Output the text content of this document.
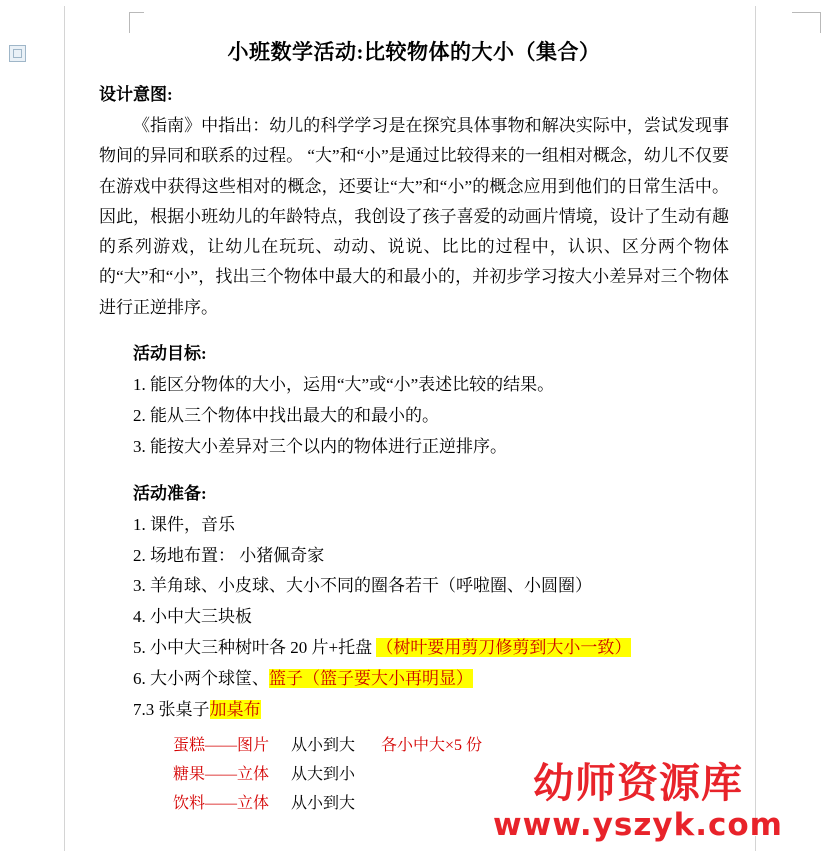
小班数学活动:比较物体的大小（集合）
设计意图:

《指南》中指出：幼儿的科学学习是在探究具体事物和解决实际中，尝试发现事物间的异同和联系的过程。 “大”和“小”是通过比较得来的一组相对概念，幼儿不仅要在游戏中获得这些相对的概念，还要让“大”和“小”的概念应用到他们的日常生活中。因此，根据小班幼儿的年龄特点，我创设了孩子喜爱的动画片情境，设计了生动有趣的系列游戏，让幼儿在玩玩、动动、说说、比比的过程中，认识、区分两个物体的“大”和“小”，找出三个物体中最大的和最小的，并初步学习按大小差异对三个物体进行正逆排序。

活动目标:
1. 能区分物体的大小，运用“大”或“小”表述比较的结果。
2. 能从三个物体中找出最大的和最小的。
3. 能按大小差异对三个以内的物体进行正逆排序。
活动准备:
1. 课件，音乐
2. 场地布置： 小猪佩奇家
3. 羊角球、小皮球、大小不同的圈各若干（呼啦圈、小圆圈）
4. 小中大三块板
5. 小中大三种树叶各 20 片+托盘 （树叶要用剪刀修剪到大小一致）
6. 大小两个球筐、篮子（篮子要大小再明显）
7.3 张桌子加桌布
蛋糕——图片 从小到大 各小中大×5 份
糖果——立体 从大到小
饮料——立体 从小到大	幼师资源库
www.yszyk.com
